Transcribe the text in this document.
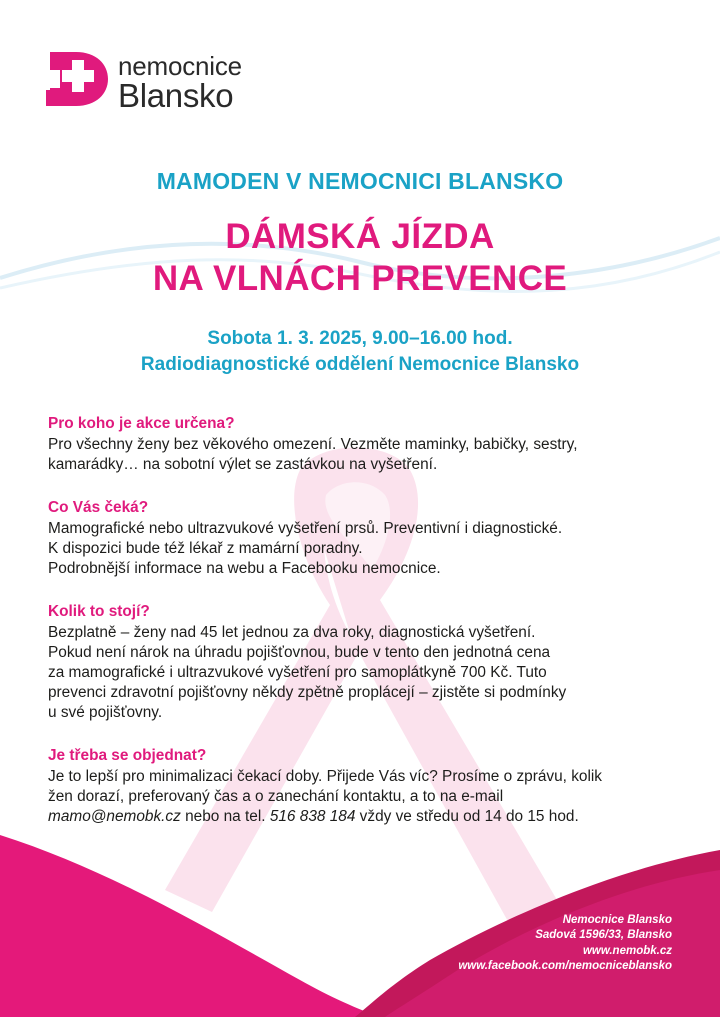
nemocnice
Blansko
MAMODEN V NEMOCNICI BLANSKO
DÁMSKÁ JÍZDA
NA VLNÁCH PREVENCE
Sobota 1. 3. 2025, 9.00–16.00 hod.
Radiodiagnostické oddělení Nemocnice Blansko
Pro koho je akce určena?
Pro všechny ženy bez věkového omezení. Vezměte maminky, babičky, sestry,
kamarádky… na sobotní výlet se zastávkou na vyšetření.
Co Vás čeká?
Mamografické nebo ultrazvukové vyšetření prsů. Preventivní i diagnostické.
K dispozici bude též lékař z mamární poradny.
Podrobnější informace na webu a Facebooku nemocnice.
Kolik to stojí?
Bezplatně – ženy nad 45 let jednou za dva roky, diagnostická vyšetření.
Pokud není nárok na úhradu pojišťovnou, bude v tento den jednotná cena
za mamografické i ultrazvukové vyšetření pro samoplátkyně 700 Kč. Tuto
prevenci zdravotní pojišťovny někdy zpětně proplácejí – zjistěte si podmínky
u své pojišťovny.
Je třeba se objednat?
Je to lepší pro minimalizaci čekací doby. Přijede Vás víc? Prosíme o zprávu, kolik
žen dorazí, preferovaný čas a o zanechání kontaktu, a to na e-mail
mamo@nemobk.cz nebo na tel. 516 838 184 vždy ve středu od 14 do 15 hod.
Nemocnice Blansko
Sadová 1596/33, Blansko
www.nemobk.cz
www.facebook.com/nemocniceblansko
